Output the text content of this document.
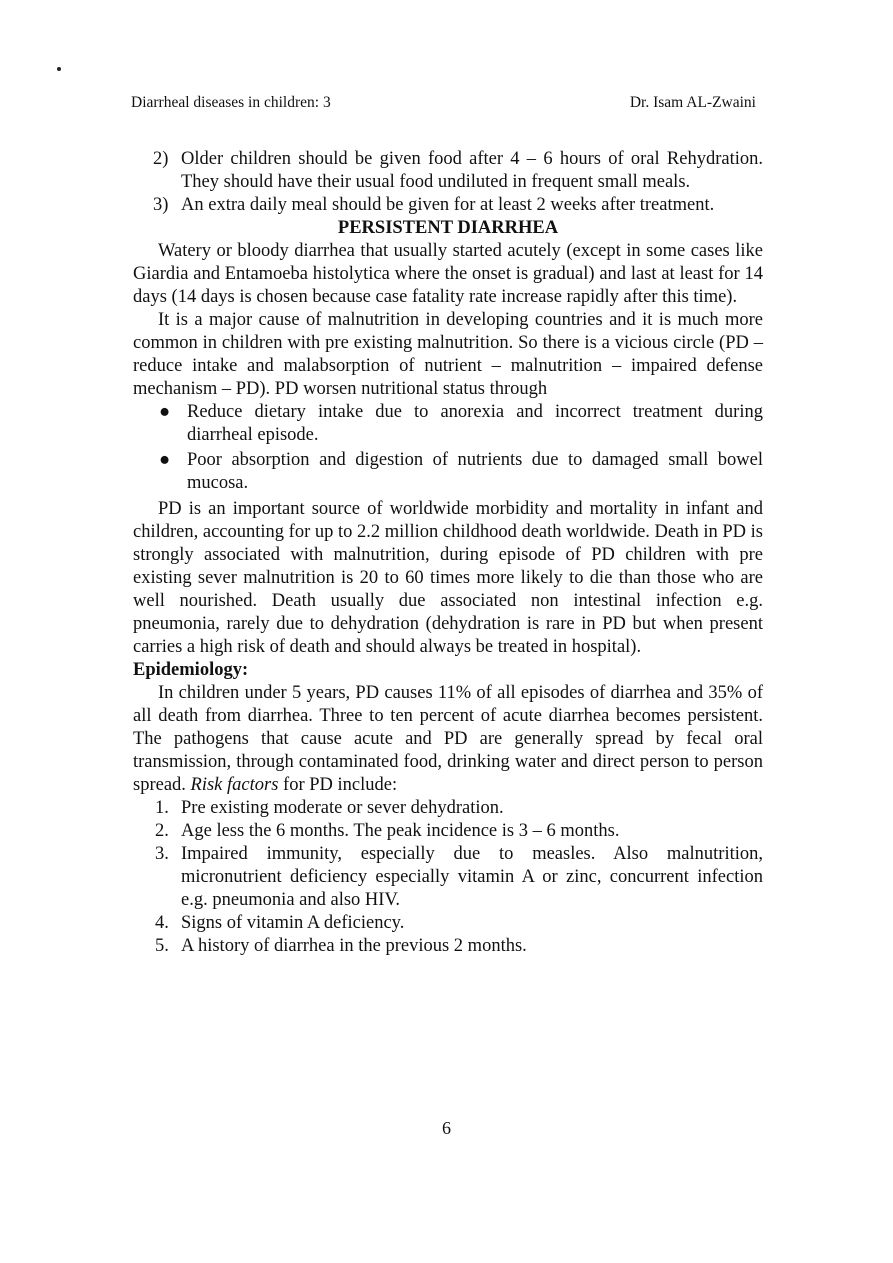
Diarrheal diseases in children: 3	Dr. Isam AL-Zwaini
2) Older children should be given food after 4 – 6 hours of oral Rehydration. They should have their usual food undiluted in frequent small meals.
3) An extra daily meal should be given for at least 2 weeks after treatment.

PERSISTENT DIARRHEA

Watery or bloody diarrhea that usually started acutely (except in some cases like Giardia and Entamoeba histolytica where the onset is gradual) and last at least for 14 days (14 days is chosen because case fatality rate increase rapidly after this time).

It is a major cause of malnutrition in developing countries and it is much more common in children with pre existing malnutrition. So there is a vicious circle (PD – reduce intake and malabsorption of nutrient – malnutrition – impaired defense mechanism – PD). PD worsen nutritional status through

● Reduce dietary intake due to anorexia and incorrect treatment during diarrheal episode.
● Poor absorption and digestion of nutrients due to damaged small bowel mucosa.

PD is an important source of worldwide morbidity and mortality in infant and children, accounting for up to 2.2 million childhood death worldwide. Death in PD is strongly associated with malnutrition, during episode of PD children with pre existing sever malnutrition is 20 to 60 times more likely to die than those who are well nourished. Death usually due associated non intestinal infection e.g. pneumonia, rarely due to dehydration (dehydration is rare in PD but when present carries a high risk of death and should always be treated in hospital).

Epidemiology:

In children under 5 years, PD causes 11% of all episodes of diarrhea and 35% of all death from diarrhea. Three to ten percent of acute diarrhea becomes persistent. The pathogens that cause acute and PD are generally spread by fecal oral transmission, through contaminated food, drinking water and direct person to person spread. Risk factors for PD include:

1. Pre existing moderate or sever dehydration.
2. Age less the 6 months. The peak incidence is 3 – 6 months.
3. Impaired immunity, especially due to measles. Also malnutrition, micronutrient deficiency especially vitamin A or zinc, concurrent infection e.g. pneumonia and also HIV.
4. Signs of vitamin A deficiency.
5. A history of diarrhea in the previous 2 months.
6
